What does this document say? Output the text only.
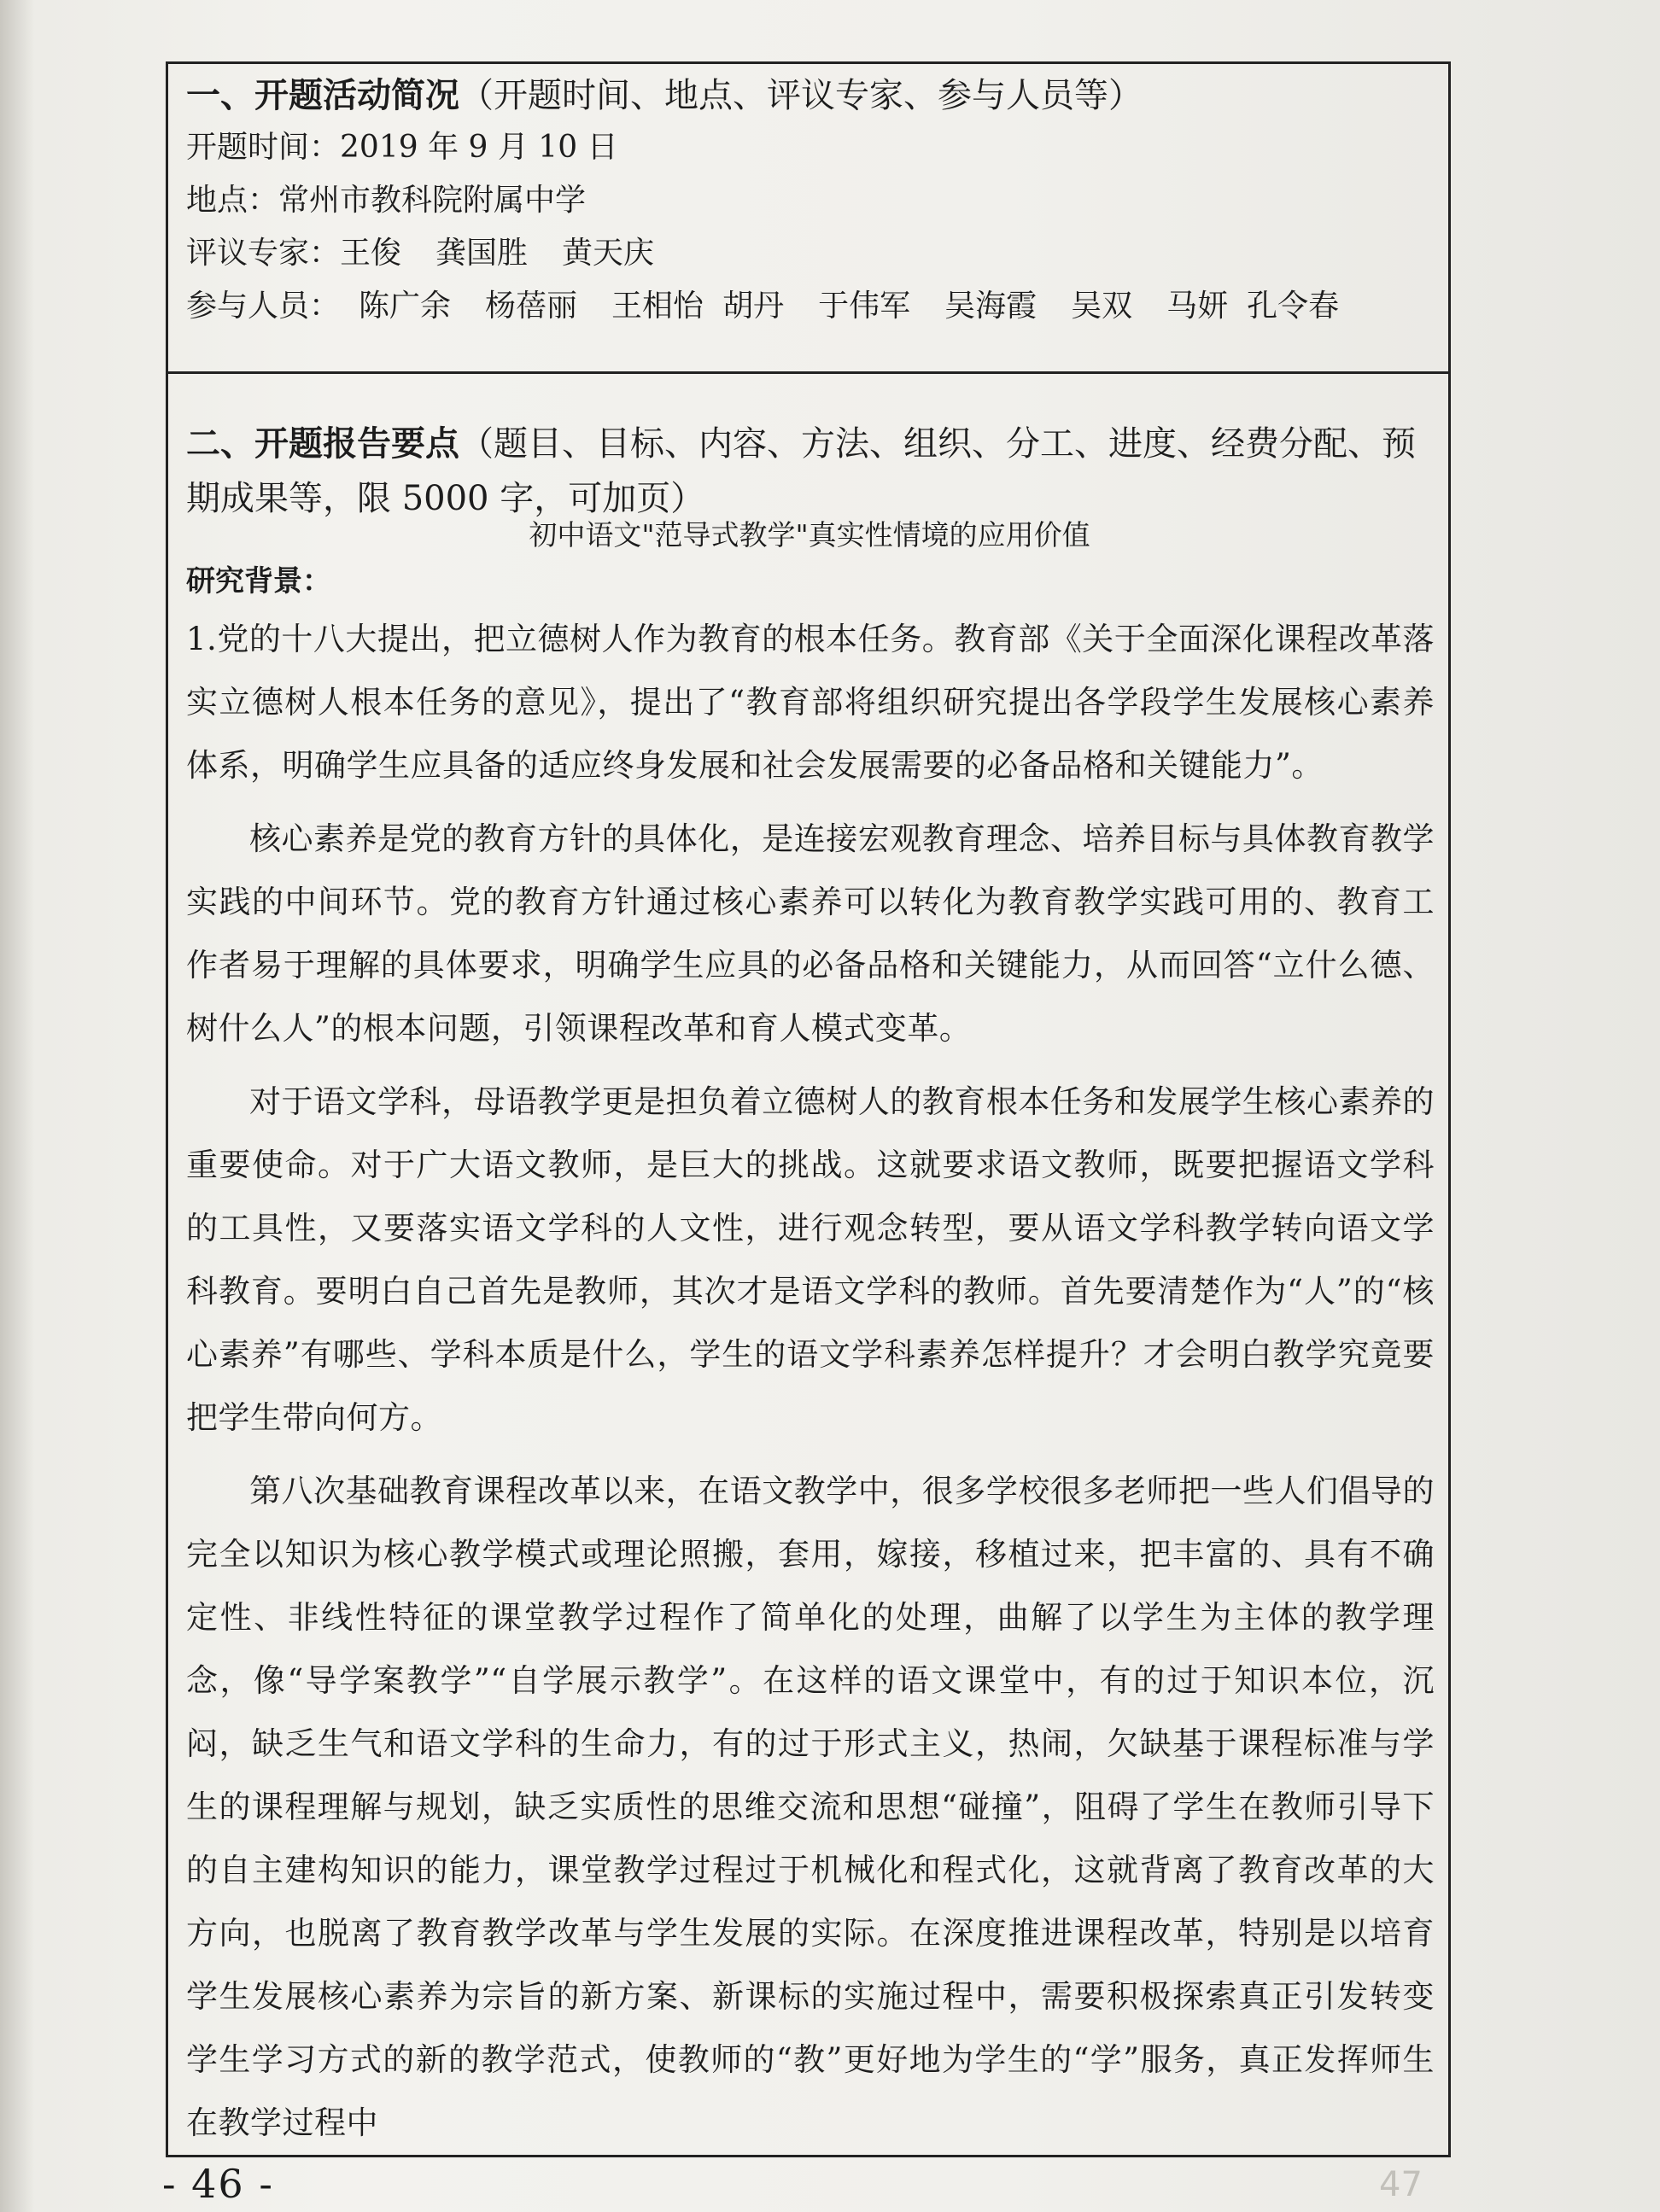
一、开题活动简况（开题时间、地点、评议专家、参与人员等）
开题时间：2019 年 9 月 10 日
地点：常州市教科院附属中学
评议专家：王俊 龚国胜 黄天庆
参与人员： 陈广余 杨蓓丽 王相怡 胡丹 于伟军 吴海霞 吴双 马妍 孔令春
二、开题报告要点（题目、目标、内容、方法、组织、分工、进度、经费分配、预期成果等，限 5000 字，可加页）
初中语文"范导式教学"真实性情境的应用价值
研究背景：

1.党的十八大提出，把立德树人作为教育的根本任务。教育部《关于全面深化课程改革落实立德树人根本任务的意见》，提出了“教育部将组织研究提出各学段学生发展核心素养体系，明确学生应具备的适应终身发展和社会发展需要的必备品格和关键能力”。

核心素养是党的教育方针的具体化，是连接宏观教育理念、培养目标与具体教育教学实践的中间环节。党的教育方针通过核心素养可以转化为教育教学实践可用的、教育工作者易于理解的具体要求，明确学生应具的必备品格和关键能力，从而回答“立什么德、树什么人”的根本问题，引领课程改革和育人模式变革。

对于语文学科，母语教学更是担负着立德树人的教育根本任务和发展学生核心素养的重要使命。对于广大语文教师，是巨大的挑战。这就要求语文教师，既要把握语文学科的工具性，又要落实语文学科的人文性，进行观念转型，要从语文学科教学转向语文学科教育。要明白自己首先是教师，其次才是语文学科的教师。首先要清楚作为“人”的“核心素养”有哪些、学科本质是什么，学生的语文学科素养怎样提升？才会明白教学究竟要把学生带向何方。

第八次基础教育课程改革以来，在语文教学中，很多学校很多老师把一些人们倡导的完全以知识为核心教学模式或理论照搬，套用，嫁接，移植过来，把丰富的、具有不确定性、非线性特征的课堂教学过程作了简单化的处理，曲解了以学生为主体的教学理念，像“导学案教学”“自学展示教学”。在这样的语文课堂中，有的过于知识本位，沉闷，缺乏生气和语文学科的生命力，有的过于形式主义，热闹，欠缺基于课程标准与学生的课程理解与规划，缺乏实质性的思维交流和思想“碰撞”，阻碍了学生在教师引导下的自主建构知识的能力，课堂教学过程过于机械化和程式化，这就背离了教育改革的大方向，也脱离了教育教学改革与学生发展的实际。在深度推进课程改革，特别是以培育学生发展核心素养为宗旨的新方案、新课标的实施过程中，需要积极探索真正引发转变学生学习方式的新的教学范式，使教师的“教”更好地为学生的“学”服务，真正发挥师生在教学过程中

- 46 -	47
